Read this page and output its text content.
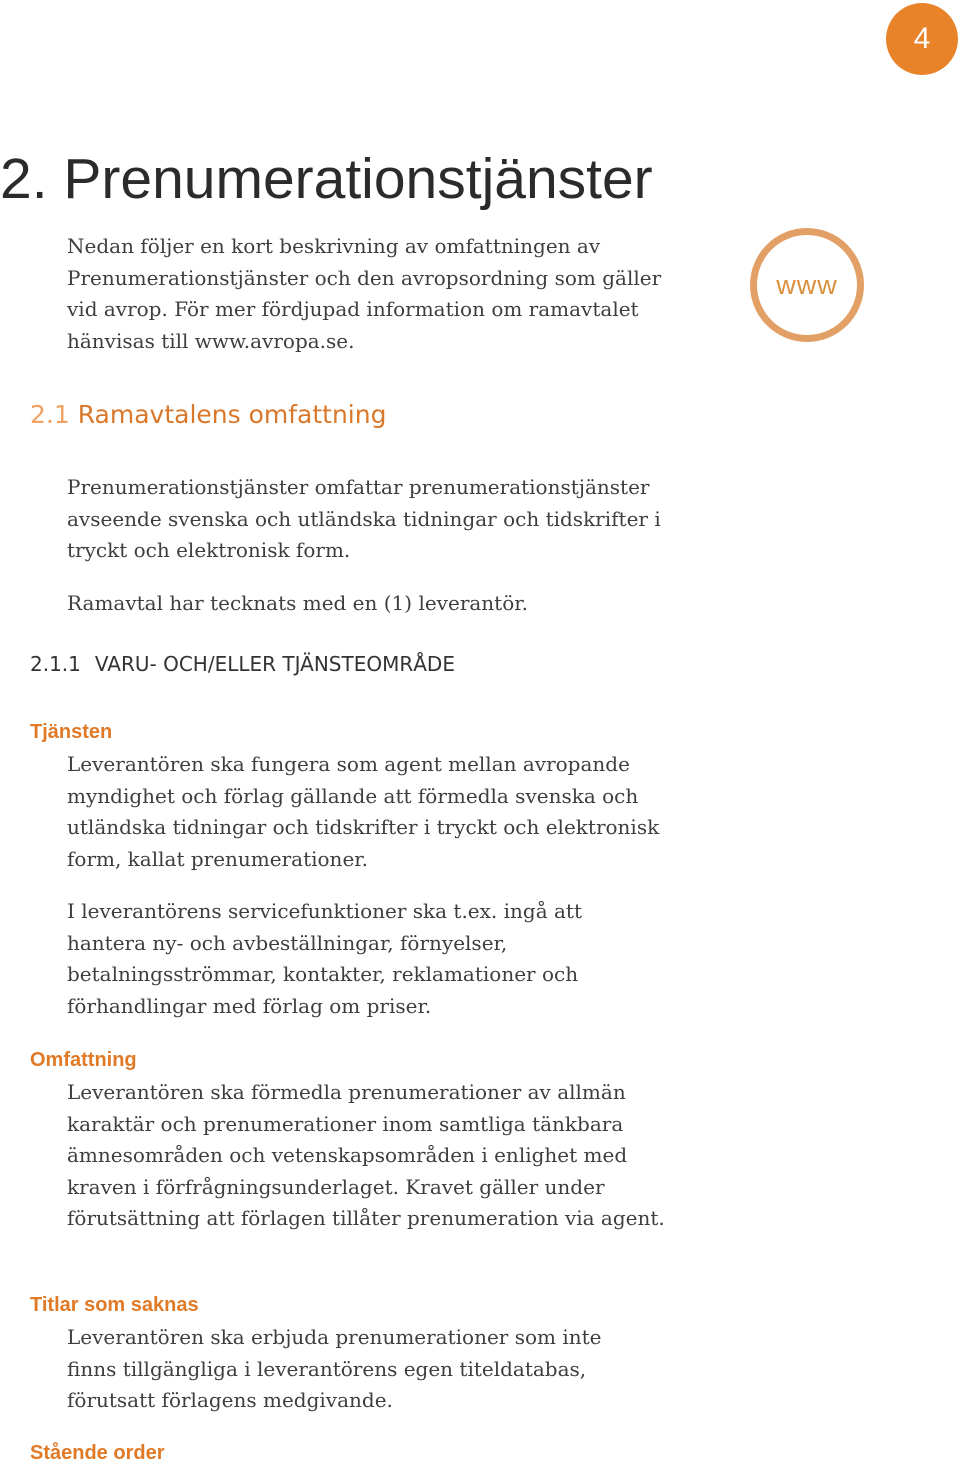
4
www
2. Prenumerationstjänster

Nedan följer en kort beskrivning av omfattningen av Prenumerationstjänster och den avropsordning som gäller vid avrop. För mer fördjupad information om ramavtalet hänvisas till www.avropa.se.

2.1 Ramavtalens omfattning

Prenumerationstjänster omfattar prenumerationstjänster avseende svenska och utländska tidningar och tidskrifter i tryckt och elektronisk form.

Ramavtal har tecknats med en (1) leverantör.

2.1.1 VARU- OCH/ELLER TJÄNSTEOMRÅDE
Tjänsten

Leverantören ska fungera som agent mellan avropande myndighet och förlag gällande att förmedla svenska och utländska tidningar och tidskrifter i tryckt och elektronisk form, kallat prenumerationer.

I leverantörens servicefunktioner ska t.ex. ingå att hantera ny- och avbeställningar, förnyelser, betalningsströmmar, kontakter, reklamationer och förhandlingar med förlag om priser.

Omfattning

Leverantören ska förmedla prenumerationer av allmän karaktär och prenumerationer inom samtliga tänkbara ämnesområden och vetenskapsområden i enlighet med kraven i förfrågningsunderlaget. Kravet gäller under förutsättning att förlagen tillåter prenumeration via agent.

Titlar som saknas

Leverantören ska erbjuda prenumerationer som inte finns tillgängliga i leverantörens egen titeldatabas, förutsatt förlagens medgivande.

Stående order
